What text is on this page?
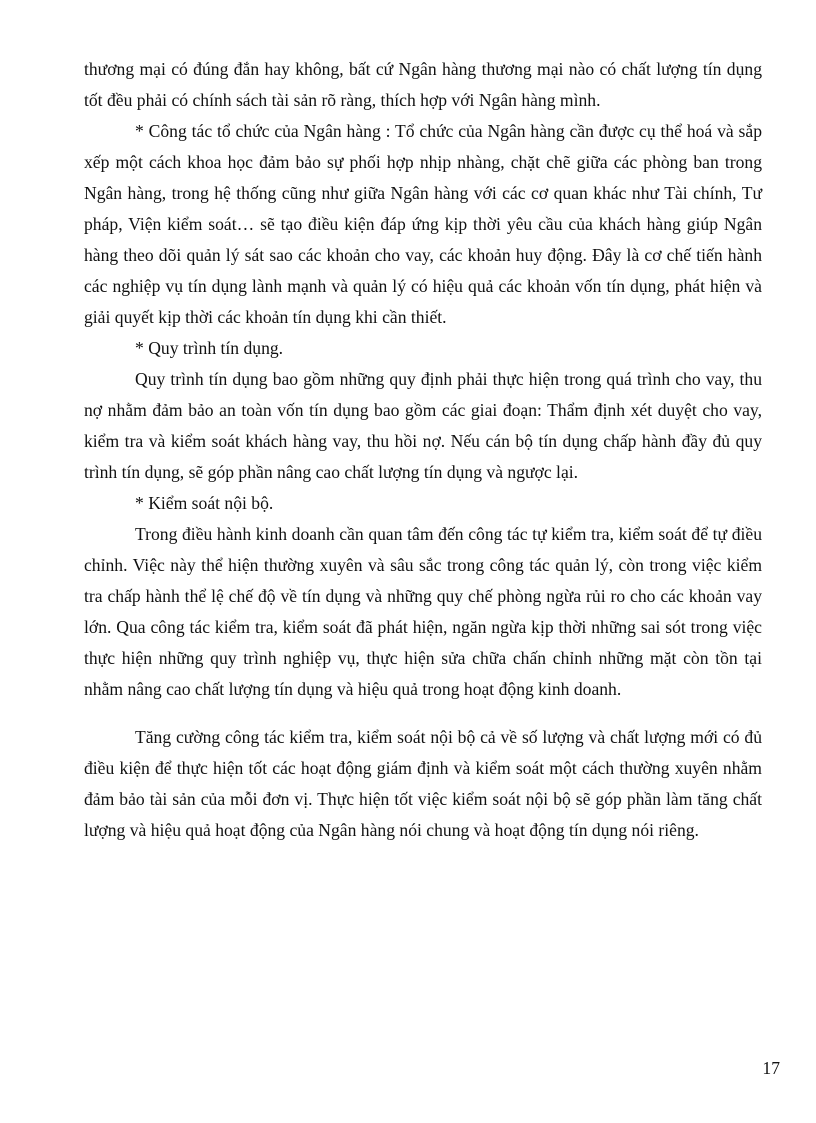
thương mại có đúng đắn hay không, bất cứ Ngân hàng thương mại nào có chất lượng tín dụng tốt đều phải có chính sách tài sản rõ ràng, thích hợp với Ngân hàng mình.

* Công tác tổ chức của Ngân hàng : Tổ chức của Ngân hàng cần được cụ thể hoá và sắp xếp một cách khoa học đảm bảo sự phối hợp nhịp nhàng, chặt chẽ giữa các phòng ban trong Ngân hàng, trong hệ thống cũng như giữa Ngân hàng với các cơ quan khác như Tài chính, Tư pháp, Viện kiểm soát… sẽ tạo điều kiện đáp ứng kịp thời yêu cầu của khách hàng giúp Ngân hàng theo dõi quản lý sát sao các khoản cho vay, các khoản huy động. Đây là cơ chế tiến hành các nghiệp vụ tín dụng lành mạnh và quản lý có hiệu quả các khoản vốn tín dụng, phát hiện và giải quyết kịp thời các khoản tín dụng khi cần thiết.

* Quy trình tín dụng.

Quy trình tín dụng bao gồm những quy định phải thực hiện trong quá trình cho vay, thu nợ nhằm đảm bảo an toàn vốn tín dụng bao gồm các giai đoạn: Thẩm định xét duyệt cho vay, kiểm tra và kiểm soát khách hàng vay, thu hồi nợ. Nếu cán bộ tín dụng chấp hành đầy đủ quy trình tín dụng, sẽ góp phần nâng cao chất lượng tín dụng và ngược lại.

* Kiểm soát nội bộ.

Trong điều hành kinh doanh cần quan tâm đến công tác tự kiểm tra, kiểm soát để tự điều chỉnh. Việc này thể hiện thường xuyên và sâu sắc trong công tác quản lý, còn trong việc kiểm tra chấp hành thể lệ chế độ về tín dụng và những quy chế phòng ngừa rủi ro cho các khoản vay lớn. Qua công tác kiểm tra, kiểm soát đã phát hiện, ngăn ngừa kịp thời những sai sót trong việc thực hiện những quy trình nghiệp vụ, thực hiện sửa chữa chấn chỉnh những mặt còn tồn tại nhằm nâng cao chất lượng tín dụng và hiệu quả trong hoạt động kinh doanh.

Tăng cường công tác kiểm tra, kiểm soát nội bộ cả về số lượng và chất lượng mới có đủ điều kiện để thực hiện tốt các hoạt động giám định và kiểm soát một cách thường xuyên nhằm đảm bảo tài sản của mỗi đơn vị. Thực hiện tốt việc kiểm soát nội bộ sẽ góp phần làm tăng chất lượng và hiệu quả hoạt động của Ngân hàng nói chung và hoạt động tín dụng nói riêng.

17
